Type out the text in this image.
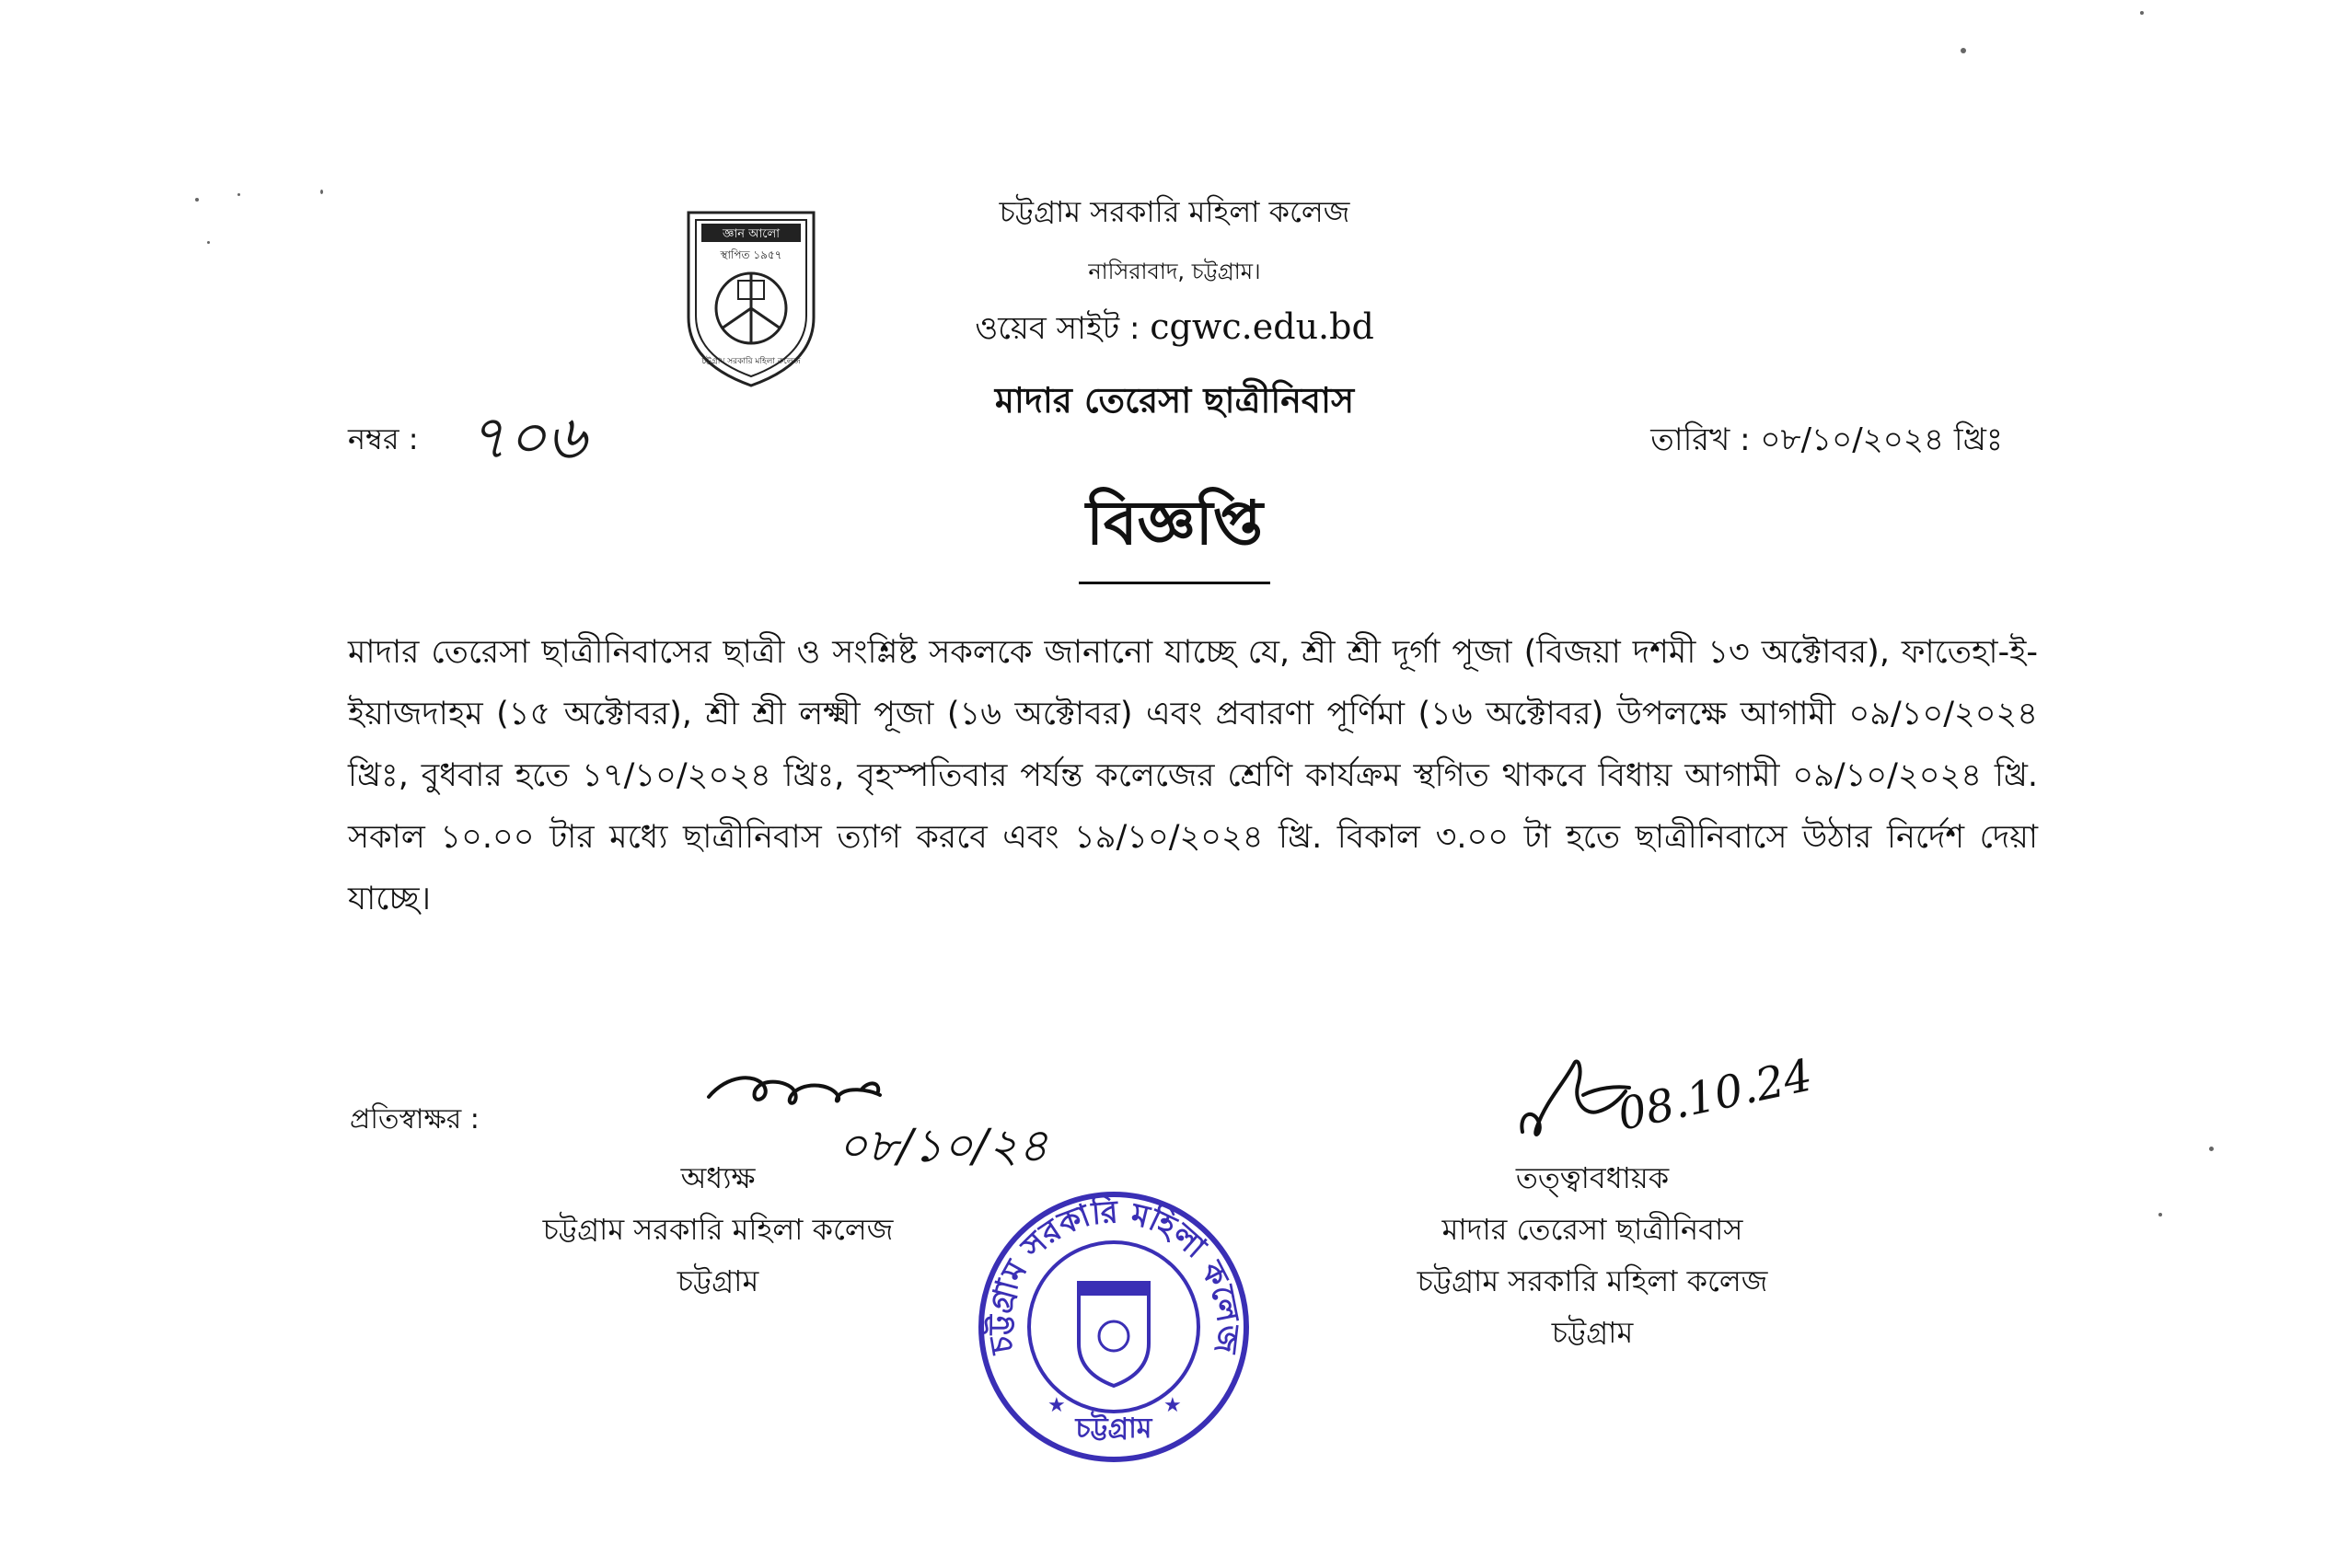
জ্ঞান আলো
স্থাপিত ১৯৫৭
চট্টগ্রাম সরকারি মহিলা কলেজ
চট্টগ্রাম সরকারি মহিলা কলেজ
নাসিরাবাদ, চট্টগ্রাম।
ওয়েব সাইট : cgwc.edu.bd
মাদার তেরেসা ছাত্রীনিবাস
নম্বর : ৭০৬	তারিখ : ০৮/১০/২০২৪ খ্রিঃ
বিজ্ঞপ্তি
মাদার তেরেসা ছাত্রীনিবাসের ছাত্রী ও সংশ্লিষ্ট সকলকে জানানো যাচ্ছে যে, শ্রী শ্রী দূর্গা পূজা (বিজয়া দশমী ১৩ অক্টোবর), ফাতেহা-ই-ইয়াজদাহম (১৫ অক্টোবর), শ্রী শ্রী লক্ষ্মী পূজা (১৬ অক্টোবর) এবং প্রবারণা পূর্ণিমা (১৬ অক্টোবর) উপলক্ষে আগামী ০৯/১০/২০২৪ খ্রিঃ, বুধবার হতে ১৭/১০/২০২৪ খ্রিঃ, বৃহস্পতিবার পর্যন্ত কলেজের শ্রেণি কার্যক্রম স্থগিত থাকবে বিধায় আগামী ০৯/১০/২০২৪ খ্রি. সকাল ১০.০০ টার মধ্যে ছাত্রীনিবাস ত্যাগ করবে এবং ১৯/১০/২০২৪ খ্রি. বিকাল ৩.০০ টা হতে ছাত্রীনিবাসে উঠার নির্দেশ দেয়া যাচ্ছে।
প্রতিস্বাক্ষর :	০৮/১০/২৪
অধ্যক্ষ
চট্টগ্রাম সরকারি মহিলা কলেজ
চট্টগ্রাম
08.10.24
তত্ত্বাবধায়ক
মাদার তেরেসা ছাত্রীনিবাস
চট্টগ্রাম সরকারি মহিলা কলেজ
চট্টগ্রাম
চট্টগ্রাম সরকারি মহিলা কলেজ
★	★
চট্টগ্রাম
